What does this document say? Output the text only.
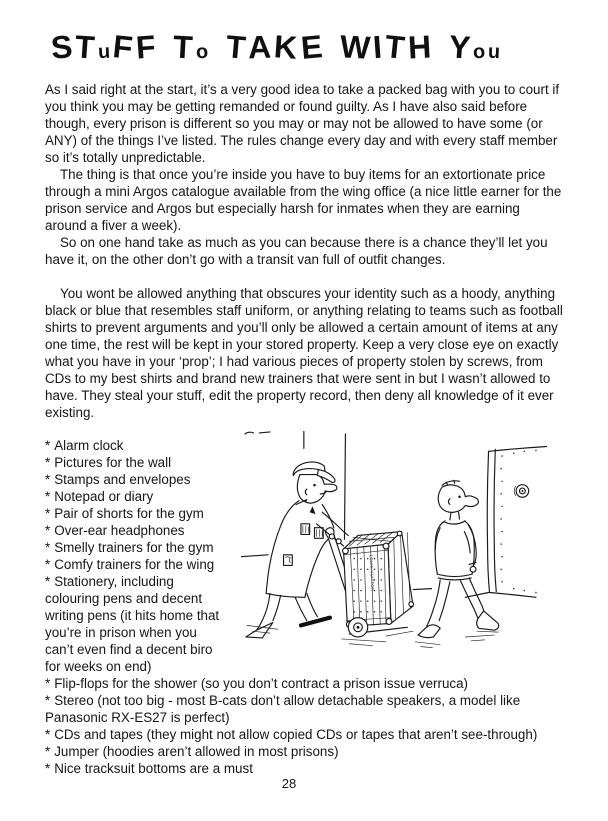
STuFF To TAKE WITH You

As I said right at the start, it’s a very good idea to take a packed bag with you to court if you think you may be getting remanded or found guilty. As I have also said before though, every prison is different so you may or may not be allowed to have some (or ANY) of the things I’ve listed. The rules change every day and with every staff member so it’s totally unpredictable.

The thing is that once you’re inside you have to buy items for an extortionate price through a mini Argos catalogue available from the wing office (a nice little earner for the prison service and Argos but especially harsh for inmates when they are earning around a fiver a week).

So on one hand take as much as you can because there is a chance they’ll let you have it, on the other don’t go with a transit van full of outfit changes.

You wont be allowed anything that obscures your identity such as a hoody, anything black or blue that resembles staff uniform, or anything relating to teams such as football shirts to prevent arguments and you’ll only be allowed a certain amount of items at any one time, the rest will be kept in your stored property. Keep a very close eye on exactly what you have in your ‘prop’; I had various pieces of property stolen by screws, from CDs to my best shirts and brand new trainers that were sent in but I wasn’t allowed to have. They steal your stuff, edit the property record, then deny all knowledge of it ever existing.

LOUIS VUITTON
* Alarm clock
* Pictures for the wall
* Stamps and envelopes
* Notepad or diary
* Pair of shorts for the gym
* Over-ear headphones
* Smelly trainers for the gym
* Comfy trainers for the wing
* Stationery, including
colouring pens and decent
writing pens (it hits home that
you’re in prison when you
can’t even find a decent biro
for weeks on end)
* Flip-flops for the shower (so you don’t contract a prison issue verruca)
* Stereo (not too big - most B-cats don’t allow detachable speakers, a model like Panasonic RX-ES27 is perfect)
* CDs and tapes (they might not allow copied CDs or tapes that aren’t see-through)
* Jumper (hoodies aren’t allowed in most prisons)
* Nice tracksuit bottoms are a must
28
